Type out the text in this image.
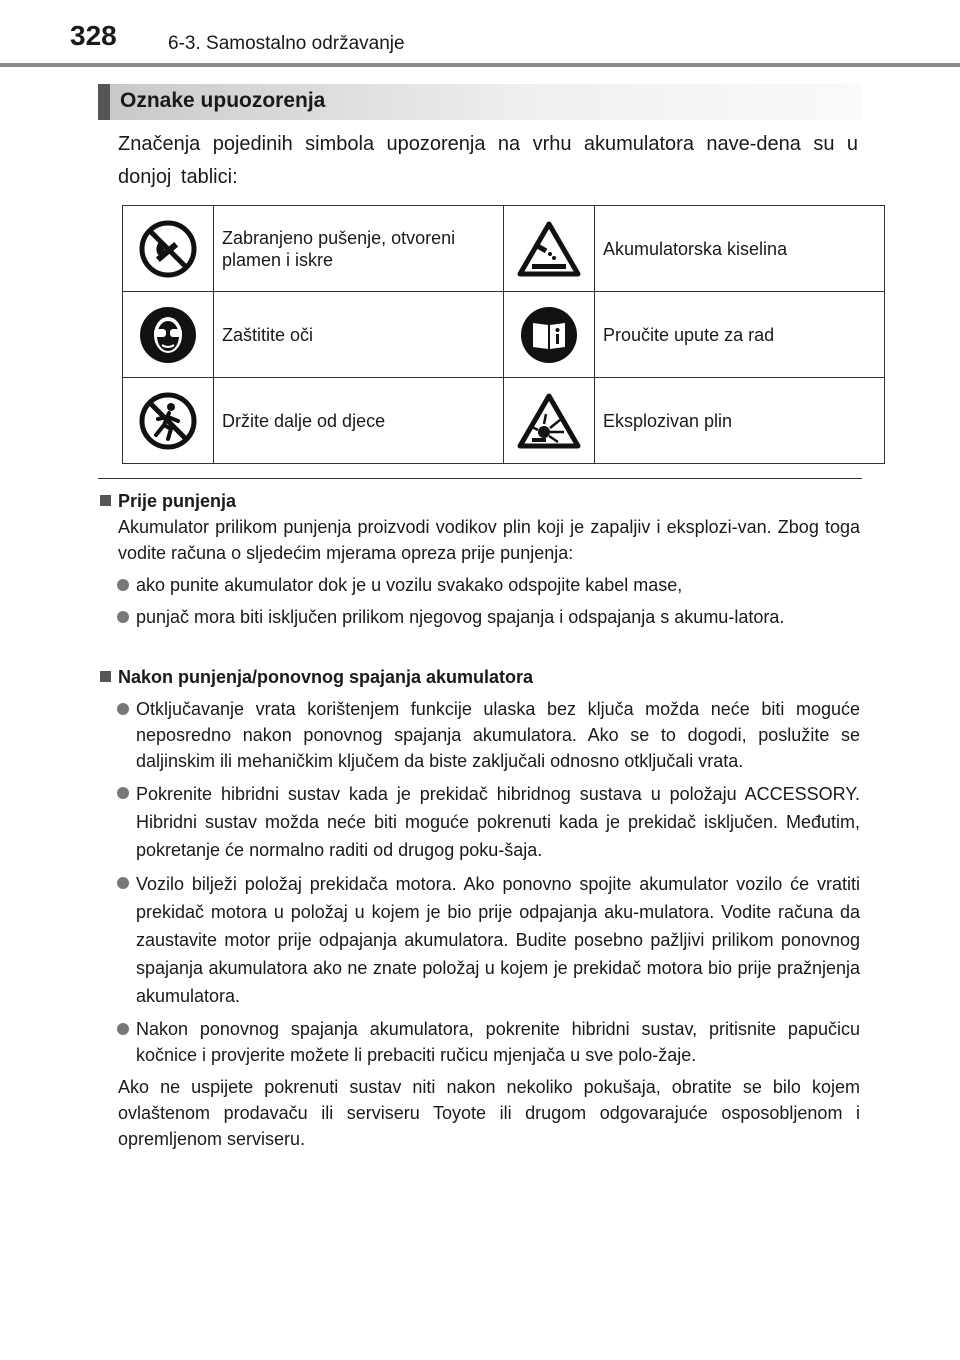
328	6-3. Samostalno održavanje
Oznake upuozorenja
Značenja pojedinih simbola upozorenja na vrhu akumulatora nave-dena su u donjoj tablici:
	Zabranjeno pušenje, otvoreni plamen i iskre		Akumulatorska kiselina

	Zaštitite oči		Proučite upute za rad

	Držite dalje od djece		Eksplozivan plin
Prije punjenja
Akumulator prilikom punjenja proizvodi vodikov plin koji je zapaljiv i eksplozi-van. Zbog toga vodite računa o sljedećim mjerama opreza prije punjenja:
ako punite akumulator dok je u vozilu svakako odspojite kabel mase,
punjač mora biti isključen prilikom njegovog spajanja i odspajanja s akumu-latora.
Nakon punjenja/ponovnog spajanja akumulatora
Otključavanje vrata korištenjem funkcije ulaska bez ključa možda neće biti moguće neposredno nakon ponovnog spajanja akumulatora. Ako se to dogodi, poslužite se daljinskim ili mehaničkim ključem da biste zaključali odnosno otključali vrata.
Pokrenite hibridni sustav kada je prekidač hibridnog sustava u položaju ACCESSORY. Hibridni sustav možda neće biti moguće pokrenuti kada je prekidač isključen. Međutim, pokretanje će normalno raditi od drugog poku-šaja.
Vozilo bilježi položaj prekidača motora. Ako ponovno spojite akumulator vozilo će vratiti prekidač motora u položaj u kojem je bio prije odpajanja aku-mulatora. Vodite računa da zaustavite motor prije odpajanja akumulatora. Budite posebno pažljivi prilikom ponovnog spajanja akumulatora ako ne znate položaj u kojem je prekidač motora bio prije pražnjenja akumulatora.
Nakon ponovnog spajanja akumulatora, pokrenite hibridni sustav, pritisnite papučicu kočnice i provjerite možete li prebaciti ručicu mjenjača u sve polo-žaje.
Ako ne uspijete pokrenuti sustav niti nakon nekoliko pokušaja, obratite se bilo kojem ovlaštenom prodavaču ili serviseru Toyote ili drugom odgovarajuće osposobljenom i opremljenom serviseru.
